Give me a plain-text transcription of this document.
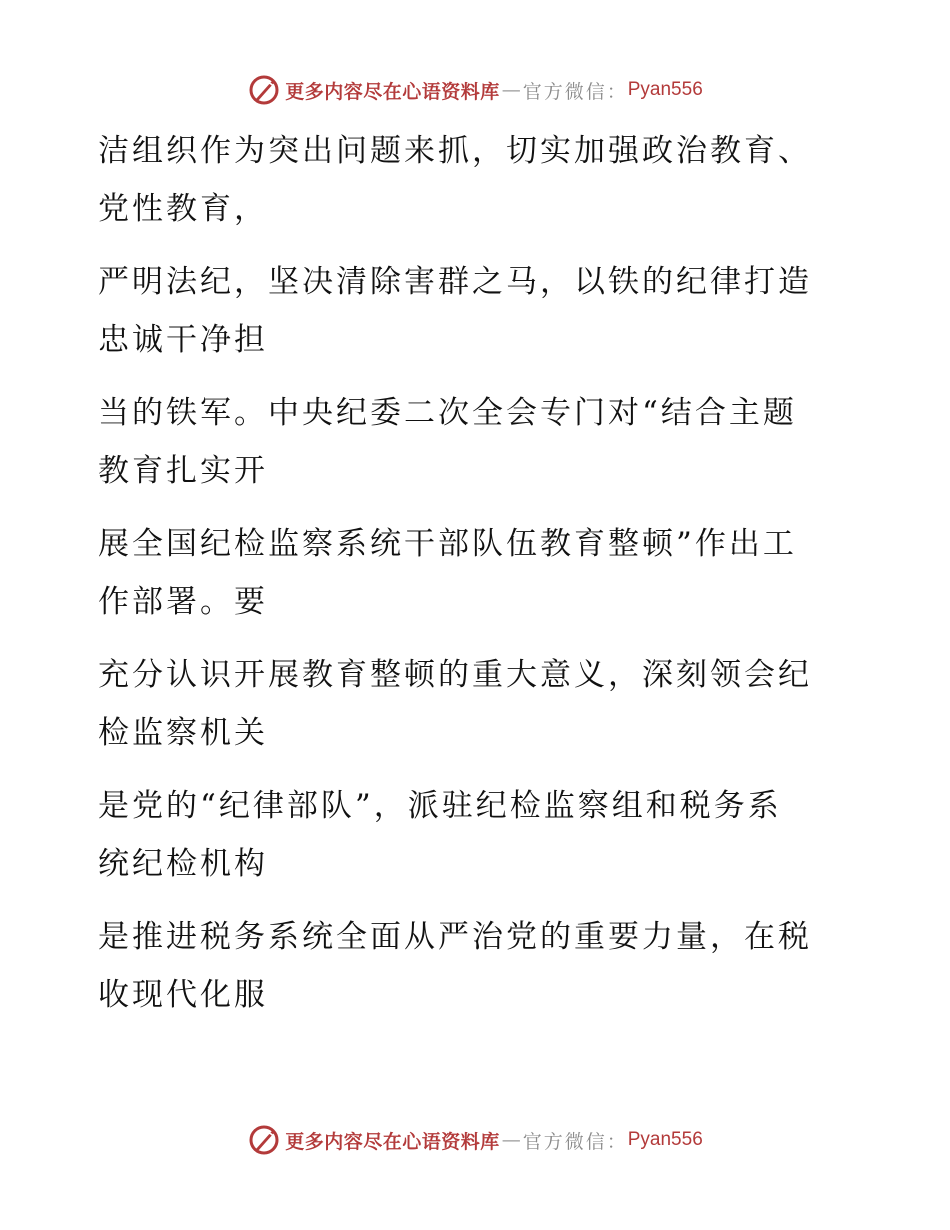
更多内容尽在心语资料库 — 官方微信： Pyan556

洁组织作为突出问题来抓，切实加强政治教育、
党性教育，

严明法纪，坚决清除害群之马，以铁的纪律打造
忠诚干净担

当的铁军。中央纪委二次全会专门对“结合主题
教育扎实开

展全国纪检监察系统干部队伍教育整顿”作出工
作部署。要

充分认识开展教育整顿的重大意义，深刻领会纪
检监察机关

是党的“纪律部队”，派驻纪检监察组和税务系
统纪检机构

是推进税务系统全面从严治党的重要力量，在税
收现代化服

更多内容尽在心语资料库 — 官方微信： Pyan556
